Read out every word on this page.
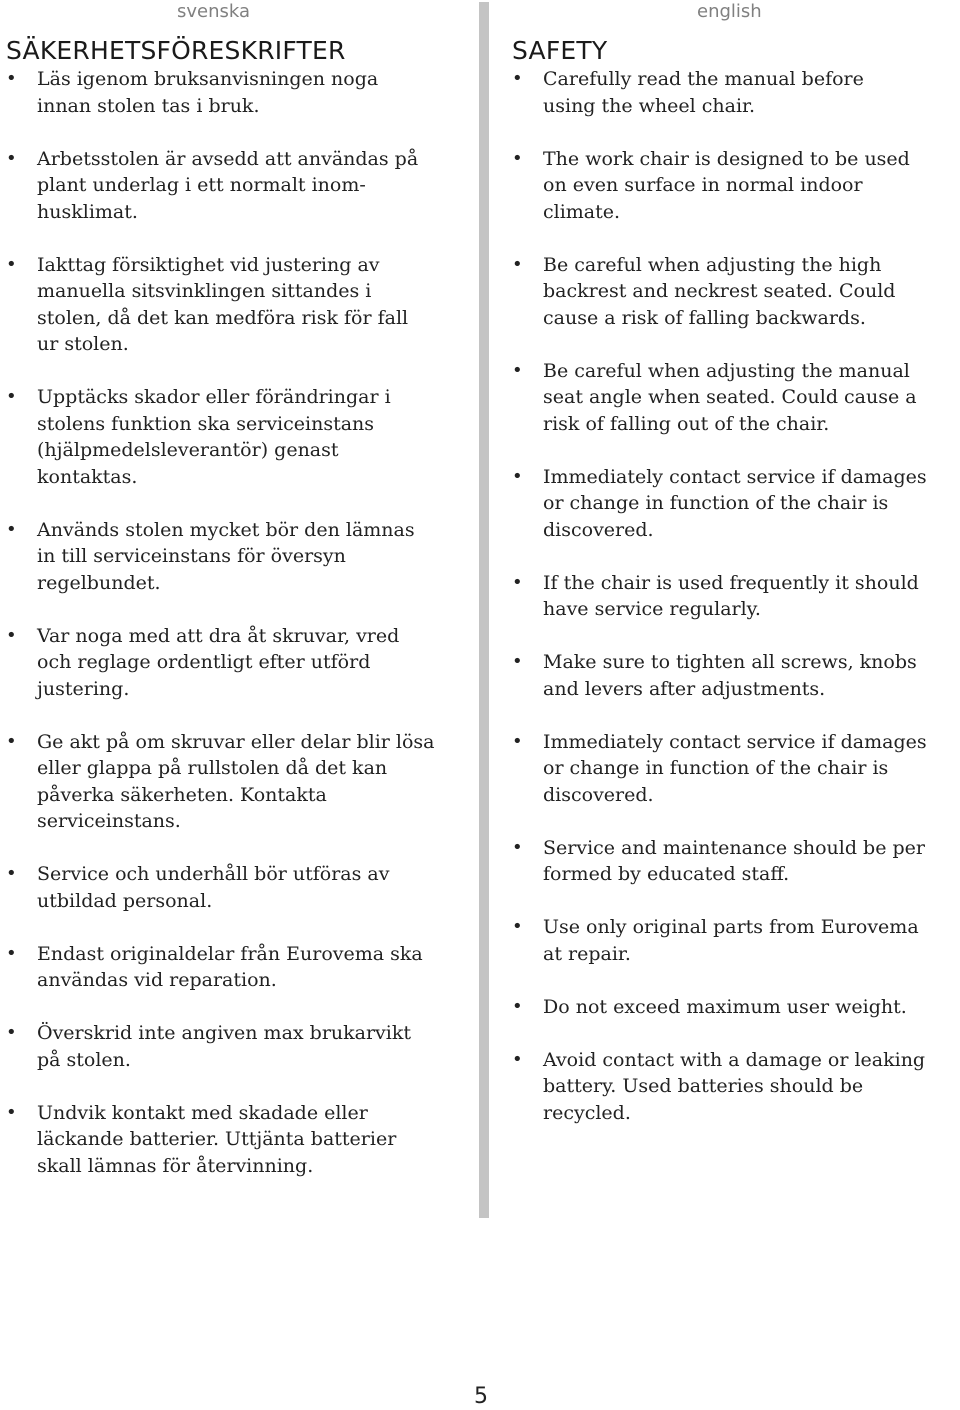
svenska	english
SÄKERHETSFÖRESKRIFTER
• Läs igenom bruksanvisningen noga
innan stolen tas i bruk.
• Arbetsstolen är avsedd att användas på
plant underlag i ett normalt inom-
husklimat.
• Iakttag försiktighet vid justering av
manuella sitsvinklingen sittandes i
stolen, då det kan medföra risk för fall
ur stolen.
• Upptäcks skador eller förändringar i
stolens funktion ska serviceinstans
(hjälpmedelsleverantör) genast
kontaktas.
• Används stolen mycket bör den lämnas
in till serviceinstans för översyn
regelbundet.
• Var noga med att dra åt skruvar, vred
och reglage ordentligt efter utförd
justering.
• Ge akt på om skruvar eller delar blir lösa
eller glappa på rullstolen då det kan
påverka säkerheten. Kontakta
serviceinstans.
• Service och underhåll bör utföras av
utbildad personal.
• Endast originaldelar från Eurovema ska
användas vid reparation.
• Överskrid inte angiven max brukarvikt
på stolen.
• Undvik kontakt med skadade eller
läckande batterier. Uttjänta batterier
skall lämnas för återvinning.
SAFETY
• Carefully read the manual before
using the wheel chair.
• The work chair is designed to be used
on even surface in normal indoor
climate.
• Be careful when adjusting the high
backrest and neckrest seated. Could
cause a risk of falling backwards.
• Be careful when adjusting the manual
seat angle when seated. Could cause a
risk of falling out of the chair.
• Immediately contact service if damages
or change in function of the chair is
discovered.
• If the chair is used frequently it should
have service regularly.
• Make sure to tighten all screws, knobs
and levers after adjustments.
• Immediately contact service if damages
or change in function of the chair is
discovered.
• Service and maintenance should be per
formed by educated staff.
• Use only original parts from Eurovema
at repair.
• Do not exceed maximum user weight.
• Avoid contact with a damage or leaking
battery. Used batteries should be
recycled.
5
